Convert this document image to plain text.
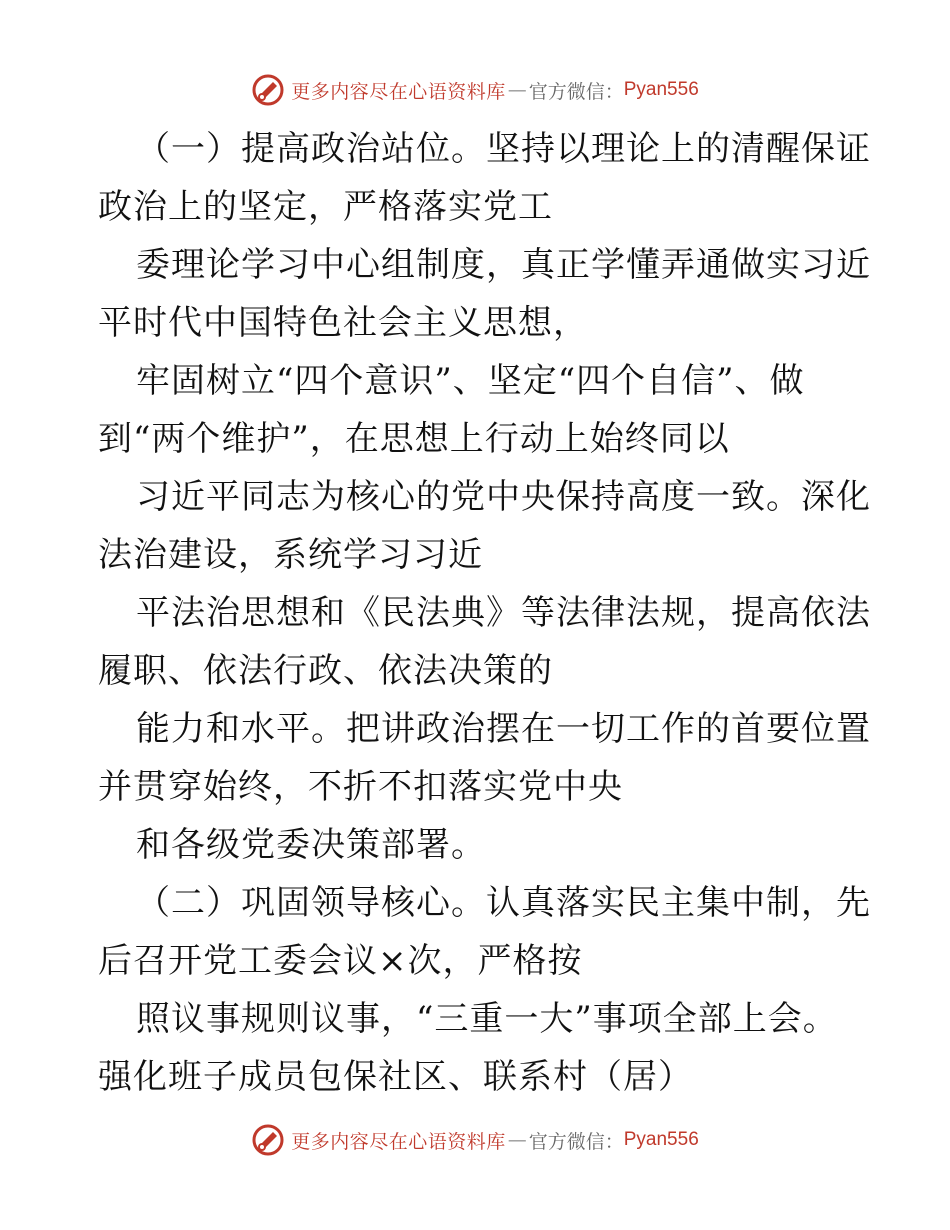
更多内容尽在心语资料库 — 官方微信： Pyan556
（一）提高政治站位。坚持以理论上的清醒保证
政治上的坚定，严格落实党工
委理论学习中心组制度，真正学懂弄通做实习近
平时代中国特色社会主义思想，
牢固树立“四个意识”、坚定“四个自信”、做
到“两个维护”，在思想上行动上始终同以
习近平同志为核心的党中央保持高度一致。深化
法治建设，系统学习习近
平法治思想和《民法典》等法律法规，提高依法
履职、依法行政、依法决策的
能力和水平。把讲政治摆在一切工作的首要位置
并贯穿始终，不折不扣落实党中央
和各级党委决策部署。
（二）巩固领导核心。认真落实民主集中制，先
后召开党工委会议×次，严格按
照议事规则议事，“三重一大”事项全部上会。
强化班子成员包保社区、联系村（居）
更多内容尽在心语资料库 — 官方微信： Pyan556
